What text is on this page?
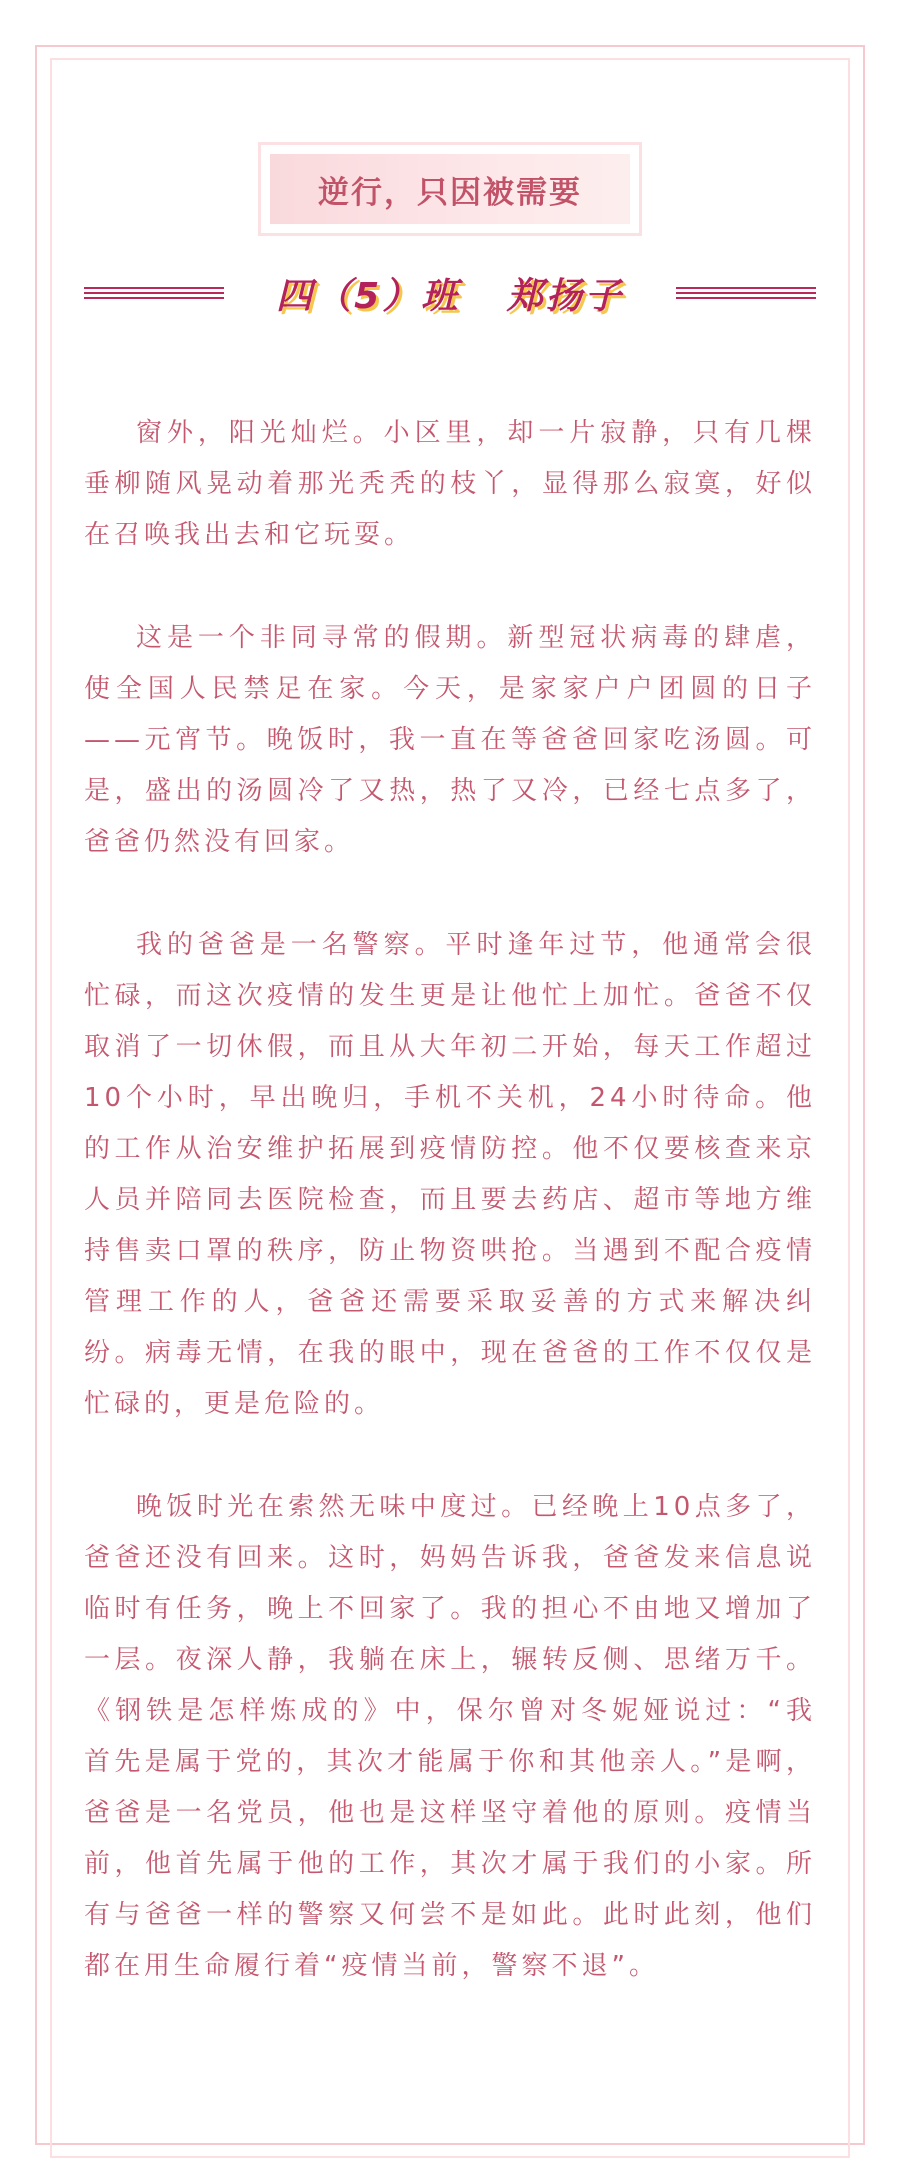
逆行，只因被需要
四（5）班   郑扬子

窗外，阳光灿烂。小区里，却一片寂静，只有几棵垂柳随风晃动着那光秃秃的枝丫，显得那么寂寞，好似在召唤我出去和它玩耍。

这是一个非同寻常的假期。新型冠状病毒的肆虐，使全国人民禁足在家。今天，是家家户户团圆的日子——元宵节。晚饭时，我一直在等爸爸回家吃汤圆。可是，盛出的汤圆冷了又热，热了又冷，已经七点多了，爸爸仍然没有回家。

我的爸爸是一名警察。平时逢年过节，他通常会很忙碌，而这次疫情的发生更是让他忙上加忙。爸爸不仅取消了一切休假，而且从大年初二开始，每天工作超过10个小时，早出晚归，手机不关机，24小时待命。他的工作从治安维护拓展到疫情防控。他不仅要核查来京人员并陪同去医院检查，而且要去药店、超市等地方维持售卖口罩的秩序，防止物资哄抢。当遇到不配合疫情管理工作的人，爸爸还需要采取妥善的方式来解决纠纷。病毒无情，在我的眼中，现在爸爸的工作不仅仅是忙碌的，更是危险的。

晚饭时光在索然无味中度过。已经晚上10点多了，爸爸还没有回来。这时，妈妈告诉我，爸爸发来信息说临时有任务，晚上不回家了。我的担心不由地又增加了一层。夜深人静，我躺在床上，辗转反侧、思绪万千。《钢铁是怎样炼成的》中，保尔曾对冬妮娅说过：“我首先是属于党的，其次才能属于你和其他亲人。”是啊，爸爸是一名党员，他也是这样坚守着他的原则。疫情当前，他首先属于他的工作，其次才属于我们的小家。所有与爸爸一样的警察又何尝不是如此。此时此刻，他们都在用生命履行着“疫情当前，警察不退”。
